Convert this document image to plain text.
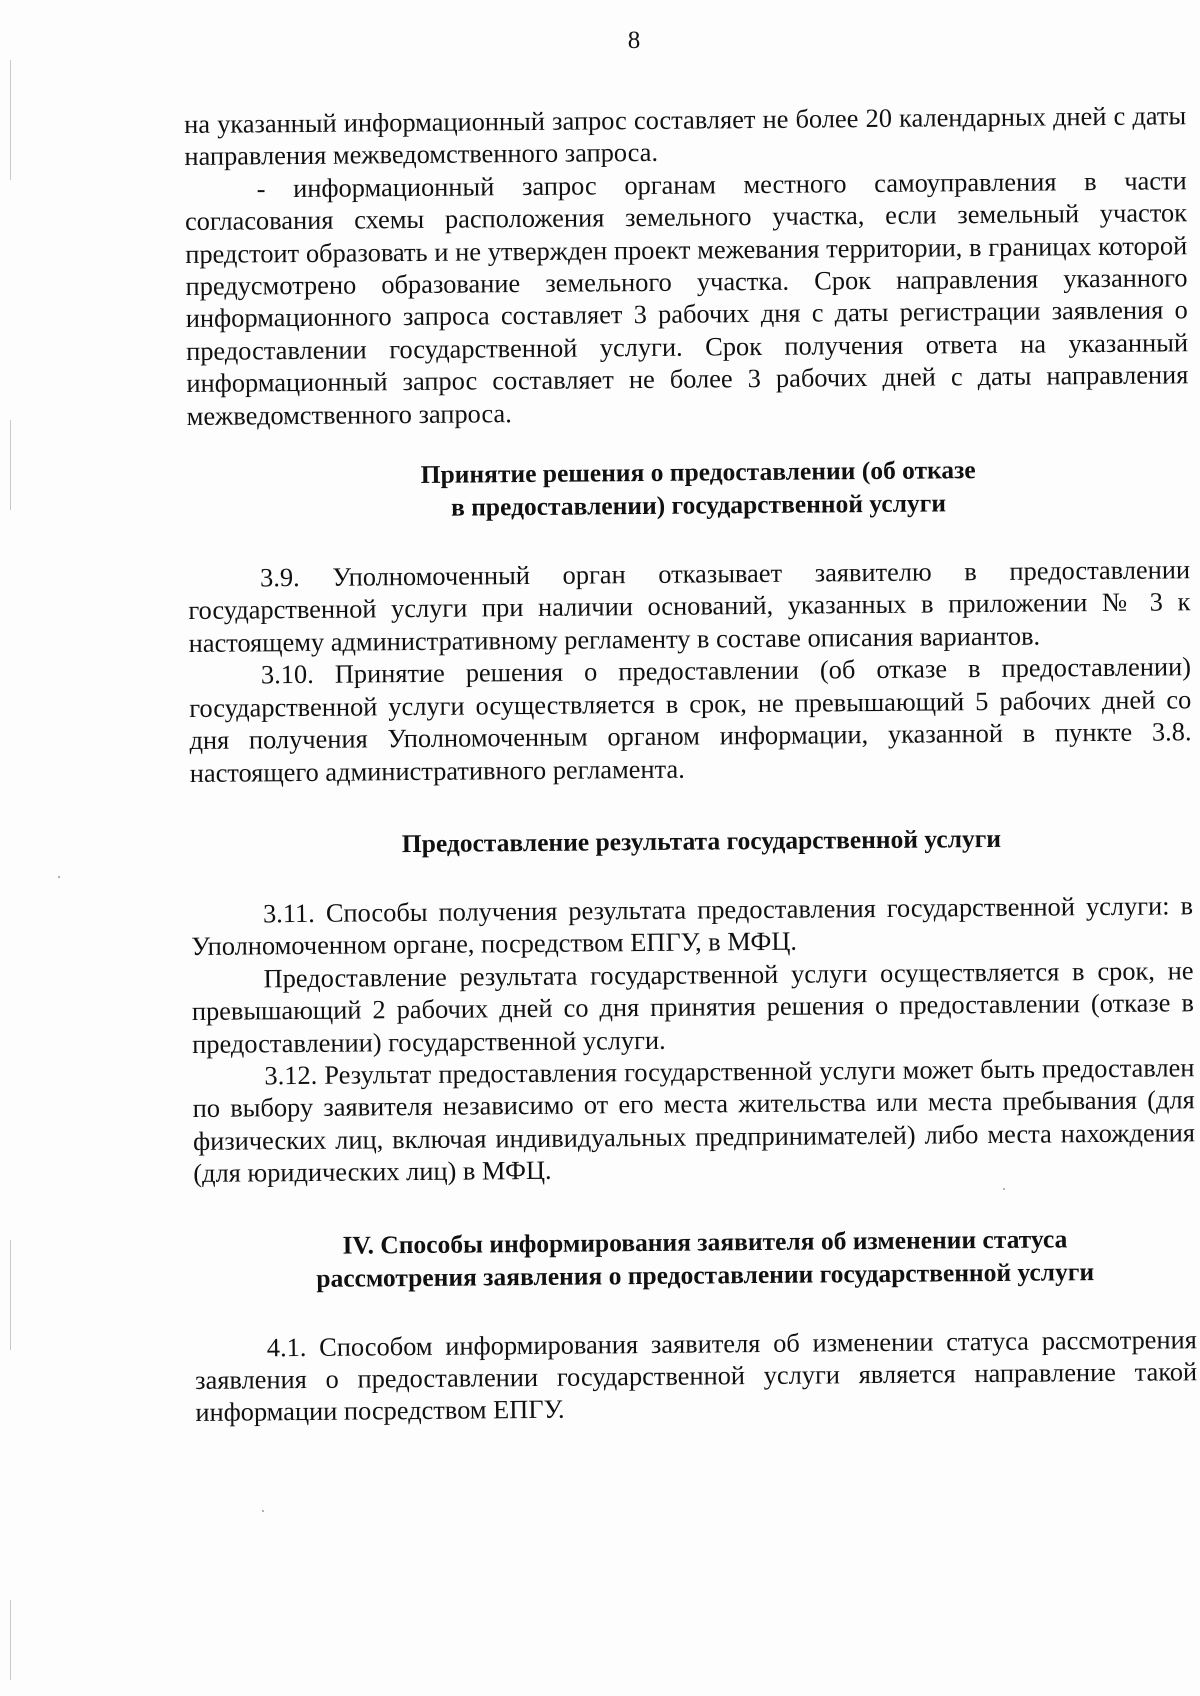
8

на указанный информационный запрос составляет не более 20 календарных дней с даты направления межведомственного запроса.

- информационный запрос органам местного самоуправления в части согласования схемы расположения земельного участка, если земельный участок предстоит образовать и не утвержден проект межевания территории, в границах которой предусмотрено образование земельного участка. Срок направления указанного информационного запроса составляет 3 рабочих дня с даты регистрации заявления о предоставлении государственной услуги. Срок получения ответа на указанный информационный запрос составляет не более 3 рабочих дней с даты направления межведомственного запроса.

Принятие решения о предоставлении (об отказе

в предоставлении) государственной услуги

3.9. Уполномоченный орган отказывает заявителю в предоставлении государственной услуги при наличии оснований, указанных в приложении № 3 к настоящему административному регламенту в составе описания вариантов.

3.10. Принятие решения о предоставлении (об отказе в предоставлении) государственной услуги осуществляется в срок, не превышающий 5 рабочих дней со дня получения Уполномоченным органом информации, указанной в пункте 3.8. настоящего административного регламента.

Предоставление результата государственной услуги

3.11. Способы получения результата предоставления государственной услуги: в Уполномоченном органе, посредством ЕПГУ, в МФЦ.

Предоставление результата государственной услуги осуществляется в срок, не превышающий 2 рабочих дней со дня принятия решения о предоставлении (отказе в предоставлении) государственной услуги.

3.12. Результат предоставления государственной услуги может быть предоставлен по выбору заявителя независимо от его места жительства или места пребывания (для физических лиц, включая индивидуальных предпринимателей) либо места нахождения (для юридических лиц) в МФЦ.

IV. Способы информирования заявителя об изменении статуса

рассмотрения заявления о предоставлении государственной услуги

4.1. Способом информирования заявителя об изменении статуса рассмотрения заявления о предоставлении государственной услуги является направление такой информации посредством ЕПГУ.
